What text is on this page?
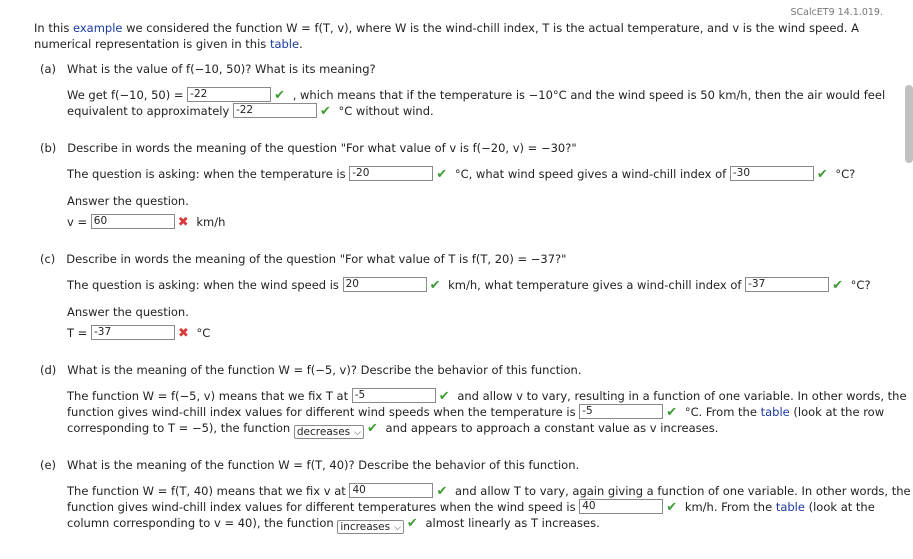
SCalcET9 14.1.019.
In this example we considered the function W = f(T, v), where W is the wind-chill index, T is the actual temperature, and v is the wind speed. A numerical representation is given in this table.
(a) What is the value of f(−10, 50)? What is its meaning?
We get f(−10, 50) = -22	✔ , which means that if the temperature is −10°C and the wind speed is 50 km/h, then the air would feel
equivalent to approximately -22	✔ °C without wind.
(b) Describe in words the meaning of the question "For what value of v is f(−20, v) = −30?"
The question is asking: when the temperature is -20	✔ °C, what wind speed gives a wind-chill index of -30	✔ °C?
Answer the question.
v = 60	✖ km/h
(c) Describe in words the meaning of the question "For what value of T is f(T, 20) = −37?"
The question is asking: when the wind speed is 20	✔ km/h, what temperature gives a wind-chill index of -37	✔ °C?
Answer the question.
T = -37	✖ °C
(d) What is the meaning of the function W = f(−5, v)? Describe the behavior of this function.
The function W = f(−5, v) means that we fix T at -5	✔ and allow v to vary, resulting in a function of one variable. In other words, the
function gives wind-chill index values for different wind speeds when the temperature is -5	✔ °C. From the table (look at the row
corresponding to T = −5), the function decreases ⌵ ✔ and appears to approach a constant value as v increases.
(e) What is the meaning of the function W = f(T, 40)? Describe the behavior of this function.
The function W = f(T, 40) means that we fix v at 40	✔ and allow T to vary, again giving a function of one variable. In other words, the
function gives wind-chill index values for different temperatures when the wind speed is 40	✔ km/h. From the table (look at the
column corresponding to v = 40), the function increases ⌵ ✔ almost linearly as T increases.
